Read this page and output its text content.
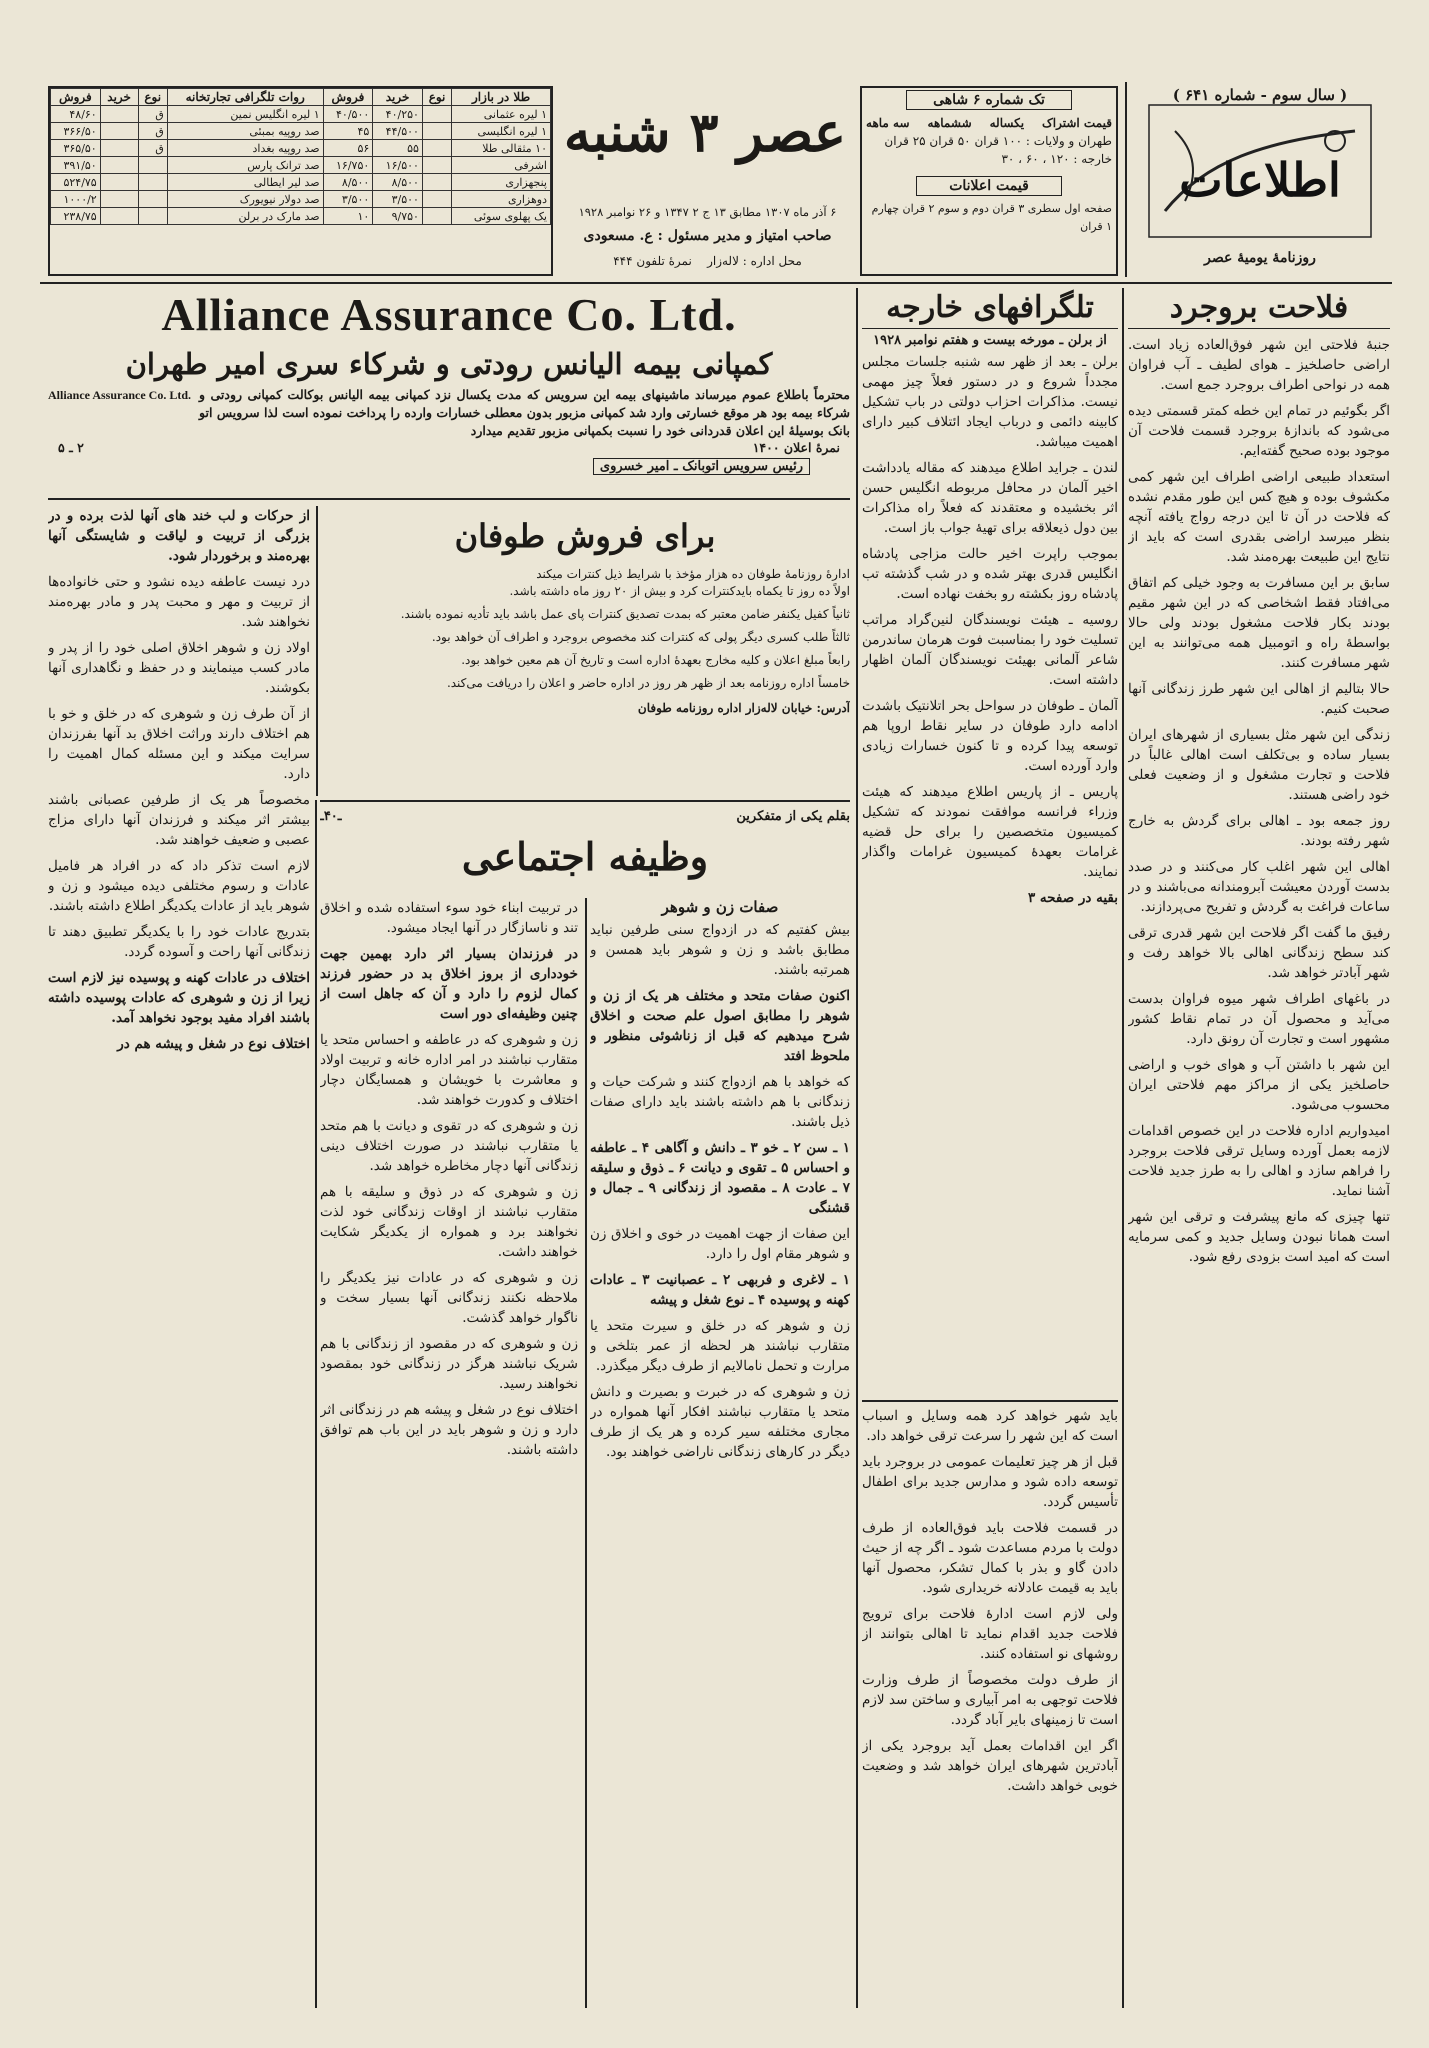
( سال سوم - شماره ۶۴۱ )
اطلاعات
روزنامهٔ یومیهٔ عصر
تک شماره ۶ شاهی
قیمت اشتراک
یکساله
ششماهه
سه ماهه
طهران و ولایات : ۱۰۰ قران ۵۰ قران ۲۵ قران
خارجه : ۱۲۰ ، ۶۰ ، ۳۰
قیمت اعلانات
صفحه اول سطری ۳ قران دوم و سوم ۲ قران چهارم ۱ قران
عصر ۳ شنبه
۶ آذر ماه ۱۳۰۷ مطابق ۱۳ ج ۲ ۱۳۴۷ و ۲۶ نوامبر ۱۹۲۸
صاحب امتیاز و مدیر مسئول : ع. مسعودی
محل اداره : لاله‌زار    نمرهٔ تلفون ۴۴۴
طلا در بازار	نوع	خرید	فروش	روات تلگرافی تجارتخانه	نوع	خرید	فروش
۱ لیره عثمانی		۴۰/۲۵۰	۴۰/۵۰۰	۱ لیره انگلیس نمین	ق		۴۸/۶۰
۱ لیره انگلیسی		۴۴/۵۰۰	۴۵	صد روپیه بمبئی	ق		۳۶۶/۵۰
۱۰ مثقالی طلا		۵۵	۵۶	صد روپیه بغداد	ق		۳۶۵/۵۰
اشرفی		۱۶/۵۰۰	۱۶/۷۵۰	صد ترانک پارس			۳۹۱/۵۰
پنجهزاری		۸/۵۰۰	۸/۵۰۰	صد لیر ایطالی			۵۲۴/۷۵
دوهزاری		۳/۵۰۰	۳/۵۰۰	صد دولار نیویورک			۱۰۰۰/۲
یک پهلوی سوئی		۹/۷۵۰	۱۰	صد مارک در برلن			۲۳۸/۷۵
فلاحت بروجرد

جنبهٔ فلاحتی این شهر فوق‌العاده زیاد است. اراضی حاصلخیز ـ هوای لطیف ـ آب فراوان همه در نواحی اطراف بروجرد جمع است.

اگر بگوئیم در تمام این خطه کمتر قسمتی دیده می‌شود که باندازهٔ بروجرد قسمت فلاحت آن موجود بوده صحیح گفته‌ایم.

استعداد طبیعی اراضی اطراف این شهر کمی مکشوف بوده و هیچ کس این طور مقدم نشده که فلاحت در آن تا این درجه رواج یافته آنچه بنظر میرسد اراضی بقدری است که باید از نتایج این طبیعت بهره‌مند شد.

سابق بر این مسافرت به وجود خیلی کم اتفاق می‌افتاد فقط اشخاصی که در این شهر مقیم بودند بکار فلاحت مشغول بودند ولی حالا بواسطهٔ راه و اتومبیل همه می‌توانند به این شهر مسافرت کنند.

حالا بتالیم از اهالی این شهر طرز زندگانی آنها صحبت کنیم.

زندگی این شهر مثل بسیاری از شهرهای ایران بسیار ساده و بی‌تکلف است اهالی غالباً در فلاحت و تجارت مشغول و از وضعیت فعلی خود راضی هستند.

روز جمعه بود ـ اهالی برای گردش به خارج شهر رفته بودند.

اهالی این شهر اغلب کار می‌کنند و در صدد بدست آوردن معیشت آبرومندانه می‌باشند و در ساعات فراغت به گردش و تفریح می‌پردازند.

رفیق ما گفت اگر فلاحت این شهر قدری ترقی کند سطح زندگانی اهالی بالا خواهد رفت و شهر آبادتر خواهد شد.

در باغهای اطراف شهر میوه فراوان بدست می‌آید و محصول آن در تمام نقاط کشور مشهور است و تجارت آن رونق دارد.

این شهر با داشتن آب و هوای خوب و اراضی حاصلخیز یکی از مراکز مهم فلاحتی ایران محسوب می‌شود.

امیدواریم اداره فلاحت در این خصوص اقدامات لازمه بعمل آورده وسایل ترقی فلاحت بروجرد را فراهم سازد و اهالی را به طرز جدید فلاحت آشنا نماید.

تنها چیزی که مانع پیشرفت و ترقی این شهر است همانا نبودن وسایل جدید و کمی سرمایه است که امید است بزودی رفع شود.

تلگرافهای خارجه
از برلن ـ مورخه بیست و هفتم نوامبر ۱۹۲۸

برلن ـ بعد از ظهر سه شنبه جلسات مجلس مجدداً شروع و در دستور فعلاً چیز مهمی نیست. مذاکرات احزاب دولتی در باب تشکیل کابینه دائمی و درباب ایجاد ائتلاف کبیر دارای اهمیت میباشد.

لندن ـ جراید اطلاع میدهند که مقاله یادداشت اخیر آلمان در محافل مربوطه انگلیس حسن اثر بخشیده و معتقدند که فعلاً راه مذاکرات بین دول ذیعلاقه برای تهیهٔ جواب باز است.

بموجب راپرت اخیر حالت مزاجی پادشاه انگلیس قدری بهتر شده و در شب گذشته تب پادشاه روز بکشته رو بخفت نهاده است.

روسیه ـ هیئت نویسندگان لنین‌گراد مراتب تسلیت خود را بمناسبت فوت هرمان ساندرمن شاعر آلمانی بهیئت نویسندگان آلمان اظهار داشته است.

آلمان ـ طوفان در سواحل بحر اتلانتیک باشدت ادامه دارد طوفان در سایر نقاط اروپا هم توسعه پیدا کرده و تا کنون خسارات زیادی وارد آورده است.

پاریس ـ از پاریس اطلاع میدهند که هیئت وزراء فرانسه موافقت نمودند که تشکیل کمیسیون متخصصین را برای حل قضیه غرامات بعهدهٔ کمیسیون غرامات واگذار نمایند.

بقیه در صفحه ۳

باید شهر خواهد کرد همه وسایل و اسباب است که این شهر را سرعت ترقی خواهد داد.

قبل از هر چیز تعلیمات عمومی در بروجرد باید توسعه داده شود و مدارس جدید برای اطفال تأسیس گردد.

در قسمت فلاحت باید فوق‌العاده از طرف دولت با مردم مساعدت شود ـ اگر چه از حیث دادن گاو و بذر با کمال تشکر، محصول آنها باید به قیمت عادلانه خریداری شود.

ولی لازم است ادارهٔ فلاحت برای ترویج فلاحت جدید اقدام نماید تا اهالی بتوانند از روشهای نو استفاده کنند.

از طرف دولت مخصوصاً از طرف وزارت فلاحت توجهی به امر آبیاری و ساختن سد لازم است تا زمینهای بایر آباد گردد.

اگر این اقدامات بعمل آید بروجرد یکی از آبادترین شهرهای ایران خواهد شد و وضعیت خوبی خواهد داشت.

Alliance Assurance Co. Ltd.
کمپانی بیمه الیانس رودتی و شرکاء سری امیر طهران
محترماً باطلاع عموم میرساند ماشینهای بیمه این سرویس که مدت یکسال نزد کمپانی بیمه الیانس بوکالت کمپانی رودتی و شرکاء بیمه بود هر موقع خسارتی وارد شد کمپانی مزبور بدون معطلی خسارات وارده را پرداخت نموده است لذا سرویس اتو بانک بوسیلهٔ این اعلان قدردانی خود را نسبت بکمپانی مزبور تقدیم میدارد
Alliance Assurance Co. Ltd.
نمرهٔ اعلان ۱۴۰۰
۲ ـ ۵
رئیس سرویس اتوبانک ـ امیر خسروی
برای فروش طوفان
ادارهٔ روزنامهٔ طوفان ده هزار مؤخذ با شرایط ذیل کنترات میکند

اولاً ده روز تا یکماه بایدکنترات کرد و بیش از ۲۰ روز ماه داشته باشد.

ثانیاً کفیل یکنفر ضامن معتبر که بمدت تصدیق کنترات پای عمل باشد باید تأدیه نموده باشند.

ثالثاً طلب کسری دیگر پولی که کنترات کند مخصوص بروجرد و اطراف آن خواهد بود.

رابعاً مبلغ اعلان و کلیه مخارج بعهدهٔ اداره است و تاریخ آن هم معین خواهد بود.

خامساً اداره روزنامه بعد از ظهر هر روز در اداره حاضر و اعلان را دریافت می‌کند.

آدرس: خیابان لاله‌زار اداره روزنامه طوفان

از حرکات و لب خند های آنها لذت برده و در بزرگی از تربیت و لیاقت و شایستگی آنها بهره‌مند و برخوردار شود.

درد نیست عاطفه دیده نشود و حتی خانواده‌ها از تربیت و مهر و محبت پدر و مادر بهره‌مند نخواهند شد.

اولاد زن و شوهر اخلاق اصلی خود را از پدر و مادر کسب مینمایند و در حفظ و نگاهداری آنها بکوشند.

از آن طرف زن و شوهری که در خلق و خو با هم اختلاف دارند وراثت اخلاق بد آنها بفرزندان سرایت میکند و این مسئله کمال اهمیت را دارد.

مخصوصاً هر یک از طرفین عصبانی باشند بیشتر اثر میکند و فرزندان آنها دارای مزاج عصبی و ضعیف خواهند شد.

لازم است تذکر داد که در افراد هر فامیل عادات و رسوم مختلفی دیده میشود و زن و شوهر باید از عادات یکدیگر اطلاع داشته باشند.

بتدریج عادات خود را با یکدیگر تطبیق دهند تا زندگانی آنها راحت و آسوده گردد.

اختلاف در عادات کهنه و پوسیده نیز لازم است زیرا از زن و شوهری که عادات پوسیده داشته باشند افراد مفید بوجود نخواهد آمد.

اختلاف نوع در شغل و پیشه هم در

بقلم یکی از متفکرین
ـ۴۰ـ
وظیفه اجتماعی
صفات زن و شوهر

بیش کفتیم که در ازدواج سنی طرفین نباید مطابق باشد و زن و شوهر باید همسن و همرتبه باشند.

اکنون صفات متحد و مختلف هر یک از زن و شوهر را مطابق اصول علم صحت و اخلاق شرح میدهیم که قبل از زناشوئی منظور و ملحوظ افتد

که خواهد با هم ازدواج کنند و شرکت حیات و زندگانی با هم داشته باشند باید دارای صفات ذیل باشند.

۱ ـ سن ۲ ـ خو ۳ ـ دانش و آگاهی ۴ ـ عاطفه و احساس ۵ ـ تقوی و دیانت ۶ ـ ذوق و سلیقه ۷ ـ عادت ۸ ـ مقصود از زندگانی ۹ ـ جمال و قشنگی

این صفات از جهت اهمیت در خوی و اخلاق زن و شوهر مقام اول را دارد.

۱ ـ لاغری و فربهی ۲ ـ عصبانیت ۳ ـ عادات کهنه و پوسیده ۴ ـ نوع شغل و پیشه

زن و شوهر که در خلق و سیرت متحد یا متقارب نباشند هر لحظه از عمر بتلخی و مرارت و تحمل نامالایم از طرف دیگر میگذرد.

زن و شوهری که در خبرت و بصیرت و دانش متحد یا متقارب نباشند افکار آنها همواره در مجاری مختلفه سیر کرده و هر یک از طرف دیگر در کارهای زندگانی ناراضی خواهند بود.

در تربیت ابناء خود سوء استفاده شده و اخلاق تند و ناسازگار در آنها ایجاد میشود.

در فرزندان بسیار اثر دارد بهمین جهت خودداری از بروز اخلاق بد در حضور فرزند کمال لزوم را دارد و آن که جاهل است از چنین وظیفه‌ای دور است

زن و شوهری که در عاطفه و احساس متحد یا متقارب نباشند در امر اداره خانه و تربیت اولاد و معاشرت با خویشان و همسایگان دچار اختلاف و کدورت خواهند شد.

زن و شوهری که در تقوی و دیانت با هم متحد یا متقارب نباشند در صورت اختلاف دینی زندگانی آنها دچار مخاطره خواهد شد.

زن و شوهری که در ذوق و سلیقه با هم متقارب نباشند از اوقات زندگانی خود لذت نخواهند برد و همواره از یکدیگر شکایت خواهند داشت.

زن و شوهری که در عادات نیز یکدیگر را ملاحظه نکنند زندگانی آنها بسیار سخت و ناگوار خواهد گذشت.

زن و شوهری که در مقصود از زندگانی با هم شریک نباشند هرگز در زندگانی خود بمقصود نخواهند رسید.

اختلاف نوع در شغل و پیشه هم در زندگانی اثر دارد و زن و شوهر باید در این باب هم توافق داشته باشند.
